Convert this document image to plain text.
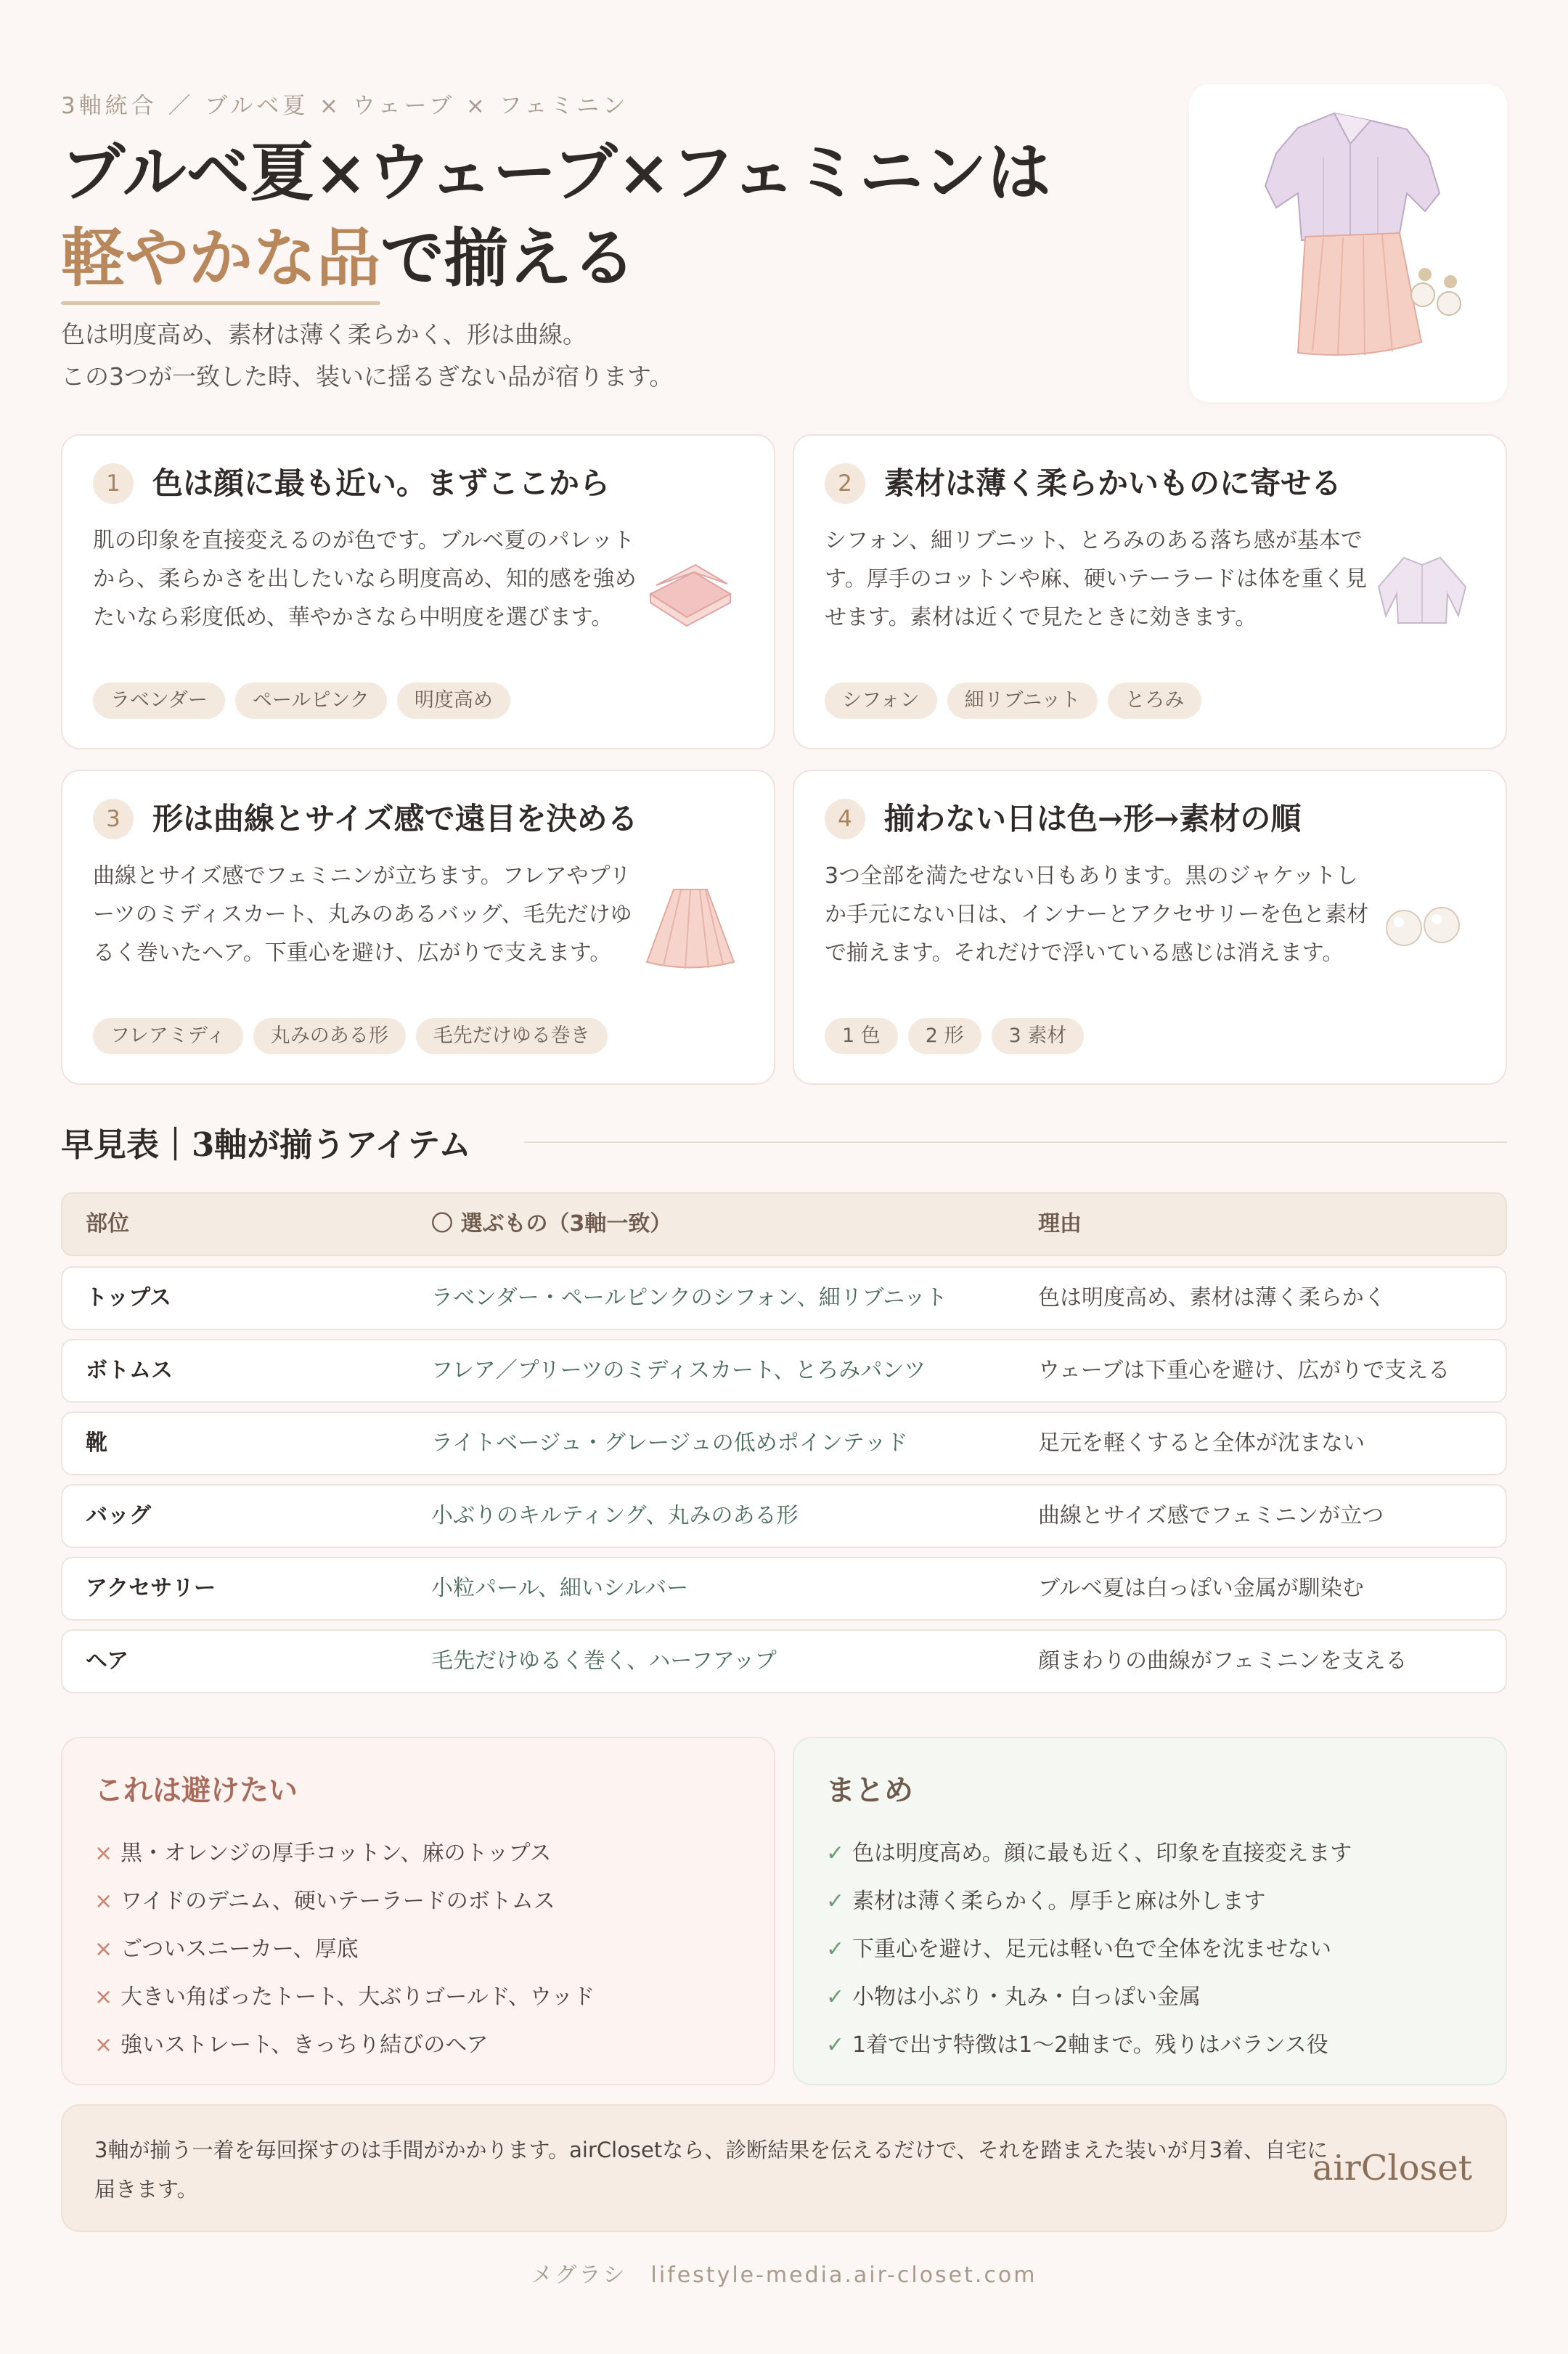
3軸統合 ／ ブルベ夏 × ウェーブ × フェミニン
ブルベ夏×ウェーブ×フェミニンは
軽やかな品で揃える
色は明度高め、素材は薄く柔らかく、形は曲線。
この3つが一致した時、装いに揺るぎない品が宿ります。
1	色は顔に最も近い。まずここから
肌の印象を直接変えるのが色です。ブルベ夏のパレットから、柔らかさを出したいなら明度高め、知的感を強めたいなら彩度低め、華やかさなら中明度を選びます。
ラベンダー	ペールピンク	明度高め
2	素材は薄く柔らかいものに寄せる
シフォン、細リブニット、とろみのある落ち感が基本です。厚手のコットンや麻、硬いテーラードは体を重く見せます。素材は近くで見たときに効きます。
シフォン	細リブニット	とろみ
3	形は曲線とサイズ感で遠目を決める
曲線とサイズ感でフェミニンが立ちます。フレアやプリーツのミディスカート、丸みのあるバッグ、毛先だけゆるく巻いたヘア。下重心を避け、広がりで支えます。
フレアミディ	丸みのある形	毛先だけゆる巻き
4	揃わない日は色→形→素材の順
3つ全部を満たせない日もあります。黒のジャケットしか手元にない日は、インナーとアクセサリーを色と素材で揃えます。それだけで浮いている感じは消えます。
1 色	2 形	3 素材
早見表｜3軸が揃うアイテム
部位	〇 選ぶもの（3軸一致）	理由
トップス	ラベンダー・ペールピンクのシフォン、細リブニット	色は明度高め、素材は薄く柔らかく
ボトムス	フレア／プリーツのミディスカート、とろみパンツ	ウェーブは下重心を避け、広がりで支える
靴	ライトベージュ・グレージュの低めポインテッド	足元を軽くすると全体が沈まない
バッグ	小ぶりのキルティング、丸みのある形	曲線とサイズ感でフェミニンが立つ
アクセサリー	小粒パール、細いシルバー	ブルベ夏は白っぽい金属が馴染む
ヘア	毛先だけゆるく巻く、ハーフアップ	顔まわりの曲線がフェミニンを支える
これは避けたい
× 黒・オレンジの厚手コットン、麻のトップス
× ワイドのデニム、硬いテーラードのボトムス
× ごついスニーカー、厚底
× 大きい角ばったトート、大ぶりゴールド、ウッド
× 強いストレート、きっちり結びのヘア
まとめ
✓ 色は明度高め。顔に最も近く、印象を直接変えます
✓ 素材は薄く柔らかく。厚手と麻は外します
✓ 下重心を避け、足元は軽い色で全体を沈ませない
✓ 小物は小ぶり・丸み・白っぽい金属
✓ 1着で出す特徴は1〜2軸まで。残りはバランス役
3軸が揃う一着を毎回探すのは手間がかかります。airClosetなら、診断結果を伝えるだけで、それを踏まえた装いが月3着、自宅に届きます。
airCloset
メグラシ　lifestyle-media.air-closet.com
